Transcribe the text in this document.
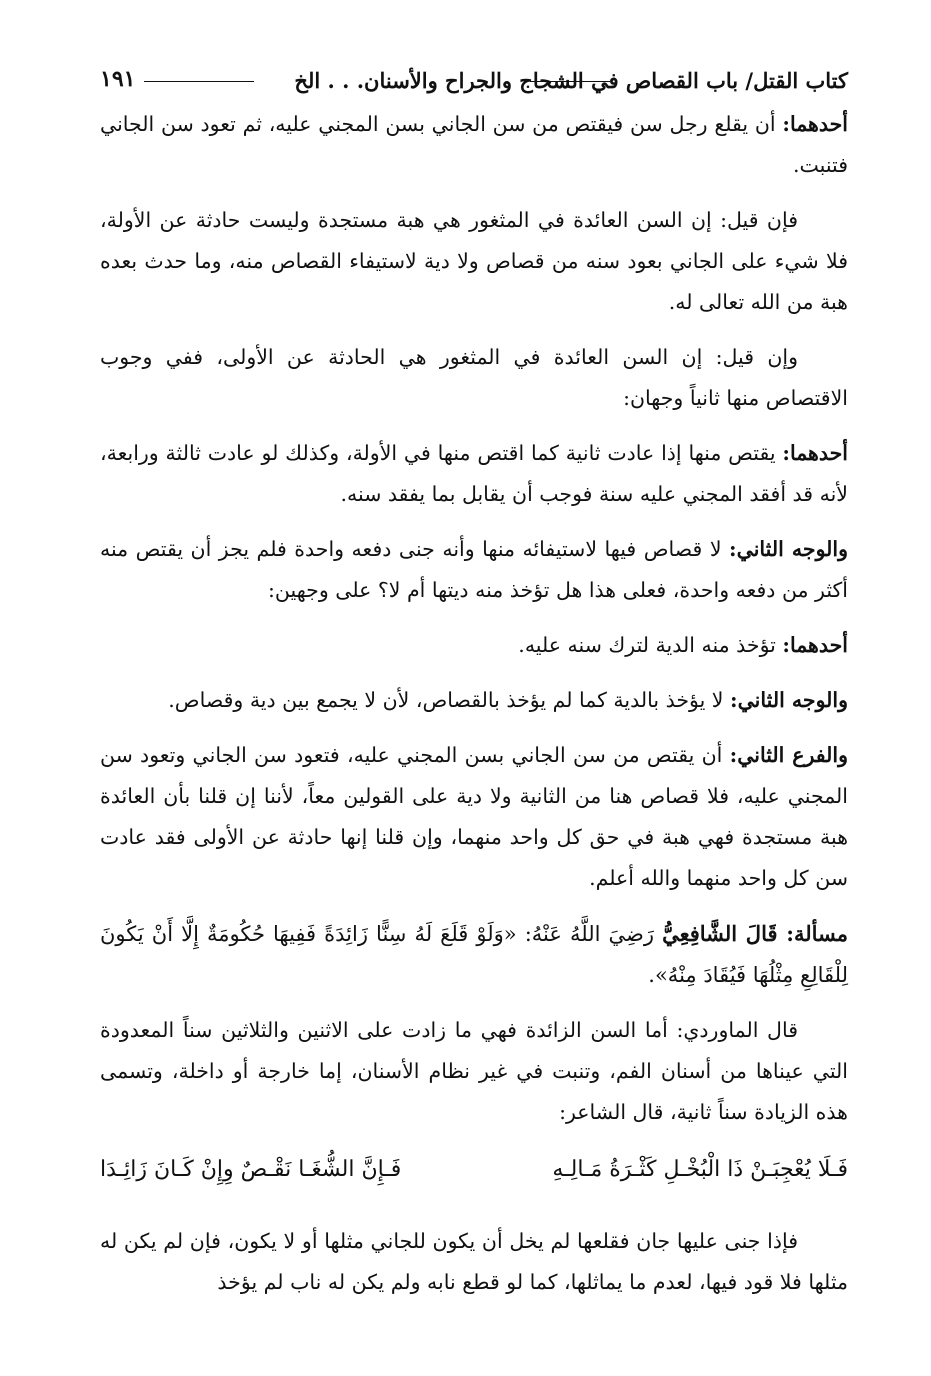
كتاب القتل/ باب القصاص في الشجاج والجراح والأسنان. . . الخ
١٩١

أحدهما: أن يقلع رجل سن فيقتص من سن الجاني بسن المجني عليه، ثم تعود سن الجاني فتنبت.

فإن قيل: إن السن العائدة في المثغور هي هبة مستجدة وليست حادثة عن الأولة، فلا شيء على الجاني بعود سنه من قصاص ولا دية لاستيفاء القصاص منه، وما حدث بعده هبة من الله تعالى له.

وإن قيل: إن السن العائدة في المثغور هي الحادثة عن الأولى، ففي وجوب الاقتصاص منها ثانياً وجهان:

أحدهما: يقتص منها إذا عادت ثانية كما اقتص منها في الأولة، وكذلك لو عادت ثالثة ورابعة، لأنه قد أفقد المجني عليه سنة فوجب أن يقابل بما يفقد سنه.

والوجه الثاني: لا قصاص فيها لاستيفائه منها وأنه جنى دفعه واحدة فلم يجز أن يقتص منه أكثر من دفعه واحدة، فعلى هذا هل تؤخذ منه ديتها أم لا؟ على وجهين:

أحدهما: تؤخذ منه الدية لترك سنه عليه.

والوجه الثاني: لا يؤخذ بالدية كما لم يؤخذ بالقصاص، لأن لا يجمع بين دية وقصاص.

والفرع الثاني: أن يقتص من سن الجاني بسن المجني عليه، فتعود سن الجاني وتعود سن المجني عليه، فلا قصاص هنا من الثانية ولا دية على القولين معاً، لأننا إن قلنا بأن العائدة هبة مستجدة فهي هبة في حق كل واحد منهما، وإن قلنا إنها حادثة عن الأولى فقد عادت سن كل واحد منهما والله أعلم.

مسألة: قَالَ الشَّافِعِيُّ رَضِيَ اللَّهُ عَنْهُ: «وَلَوْ قَلَعَ لَهُ سِنًّا زَائِدَةً فَفِيهَا حُكُومَةٌ إِلَّا أَنْ يَكُونَ لِلْقَالِعِ مِثْلُهَا فَيُقَادَ مِنْهُ».

قال الماوردي: أما السن الزائدة فهي ما زادت على الاثنين والثلاثين سناً المعدودة التي عيناها من أسنان الفم، وتنبت في غير نظام الأسنان، إما خارجة أو داخلة، وتسمى هذه الزيادة سناً ثانية، قال الشاعر:

فَـلَا يُعْجِبَـنْ ذَا الْبُخْـلِ كَثْـرَةُ مَـالِـهِ
فَـإِنَّ الشُّغَـا نَقْـصٌ وِإِنْ كَـانَ زَائِـدَا

فإذا جنى عليها جان فقلعها لم يخل أن يكون للجاني مثلها أو لا يكون، فإن لم يكن له مثلها فلا قود فيها، لعدم ما يماثلها، كما لو قطع نابه ولم يكن له ناب لم يؤخذ
